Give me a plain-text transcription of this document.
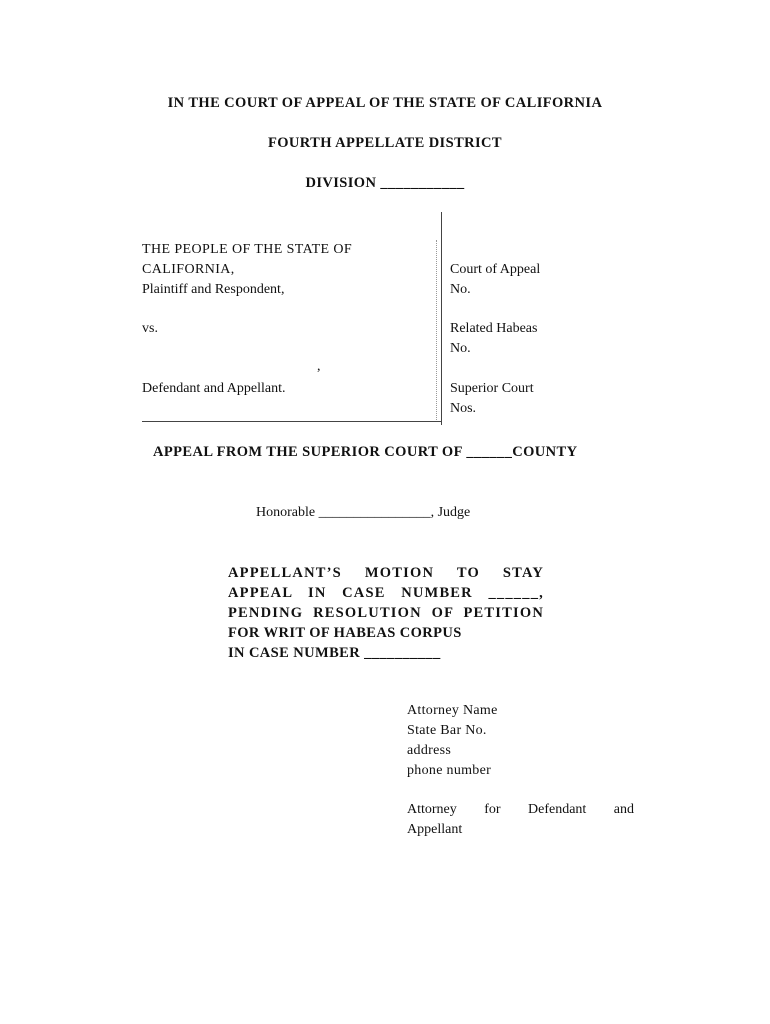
IN THE COURT OF APPEAL OF THE STATE OF CALIFORNIA
FOURTH APPELLATE DISTRICT
DIVISION ___________
THE PEOPLE OF THE STATE OF
CALIFORNIA,
Plaintiff and Respondent,
vs.
,
Defendant and Appellant.
Court of Appeal
No.
Related Habeas
No.
Superior Court
Nos.
APPEAL FROM THE SUPERIOR COURT OF ______COUNTY
Honorable ________________, Judge
APPELLANT’S MOTION TO STAY
APPEAL IN CASE NUMBER ______,
PENDING RESOLUTION OF PETITION
FOR WRIT OF HABEAS CORPUS
IN CASE NUMBER __________
Attorney Name
State Bar No.
address
phone number
Attorney for Defendant and
Appellant
